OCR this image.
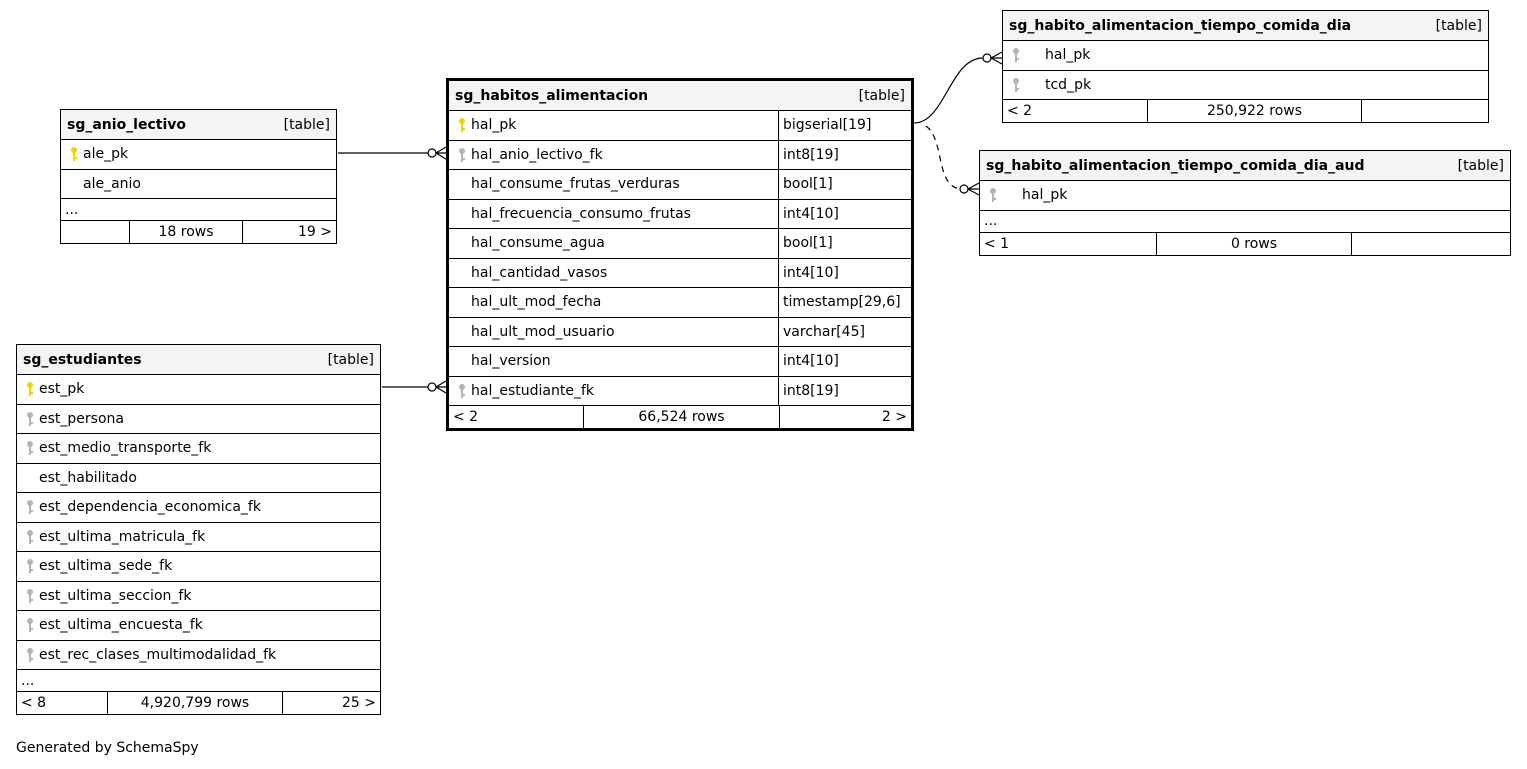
sg_anio_lectivo	[table]
ale_pk
ale_anio
...
18 rows	19 >
sg_estudiantes	[table]
est_pk
est_persona
est_medio_transporte_fk
est_habilitado
est_dependencia_economica_fk
est_ultima_matricula_fk
est_ultima_sede_fk
est_ultima_seccion_fk
est_ultima_encuesta_fk
est_rec_clases_multimodalidad_fk
...
< 8	4,920,799 rows	25 >
sg_habitos_alimentacion	[table]
hal_pk	bigserial[19]
hal_anio_lectivo_fk	int8[19]
hal_consume_frutas_verduras	bool[1]
hal_frecuencia_consumo_frutas	int4[10]
hal_consume_agua	bool[1]
hal_cantidad_vasos	int4[10]
hal_ult_mod_fecha	timestamp[29,6]
hal_ult_mod_usuario	varchar[45]
hal_version	int4[10]
hal_estudiante_fk	int8[19]
< 2	66,524 rows	2 >
sg_habito_alimentacion_tiempo_comida_dia	[table]
hal_pk
tcd_pk
< 2	250,922 rows
sg_habito_alimentacion_tiempo_comida_dia_aud	[table]
hal_pk
...
< 1	0 rows
Generated by SchemaSpy
